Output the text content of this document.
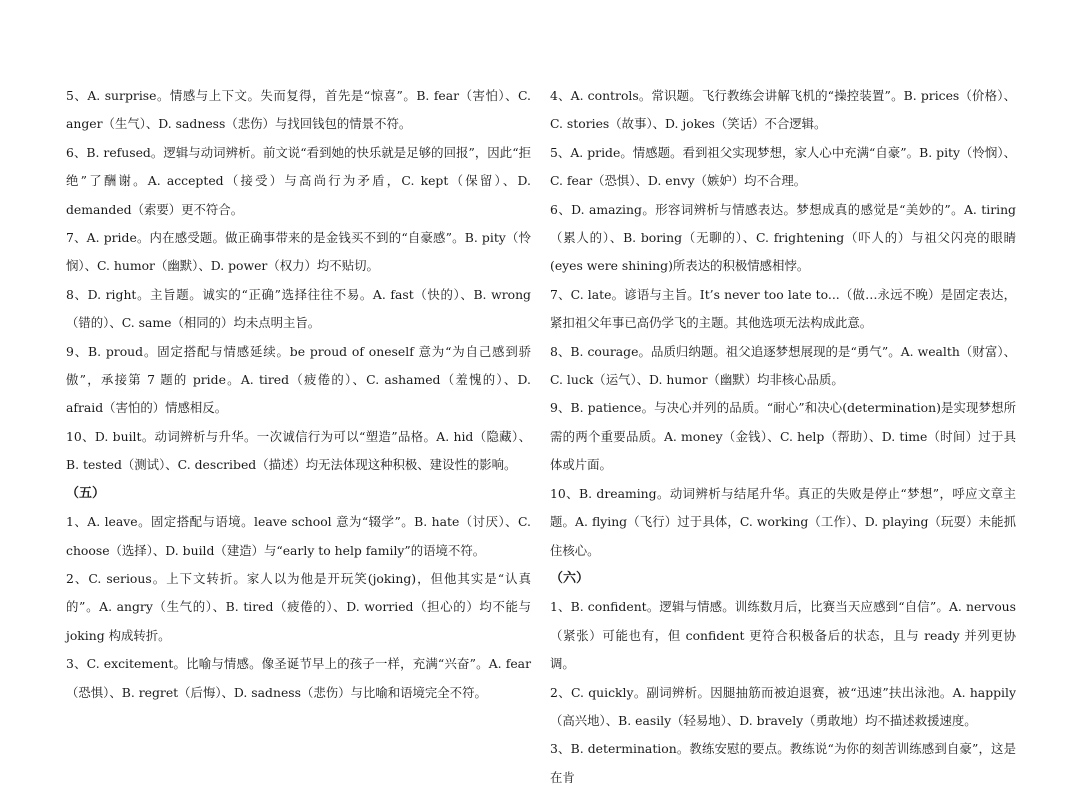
5、A. surprise。情感与上下文。失而复得，首先是“惊喜”。B. fear（害怕）、C. anger（生气）、D. sadness（悲伤）与找回钱包的情景不符。

6、B. refused。逻辑与动词辨析。前文说“看到她的快乐就是足够的回报”，因此“拒绝”了酬谢。A. accepted（接受）与高尚行为矛盾，C. kept（保留）、D. demanded（索要）更不符合。

7、A. pride。内在感受题。做正确事带来的是金钱买不到的“自豪感”。B. pity（怜悯）、C. humor（幽默）、D. power（权力）均不贴切。

8、D. right。主旨题。诚实的“正确”选择往往不易。A. fast（快的）、B. wrong（错的）、C. same（相同的）均未点明主旨。

9、B. proud。固定搭配与情感延续。be proud of oneself 意为“为自己感到骄傲”，承接第 7 题的 pride。A. tired（疲倦的）、C. ashamed（羞愧的）、D. afraid（害怕的）情感相反。

10、D. built。动词辨析与升华。一次诚信行为可以“塑造”品格。A. hid（隐藏）、B. tested（测试）、C. described（描述）均无法体现这种积极、建设性的影响。

（五）

1、A. leave。固定搭配与语境。leave school 意为“辍学”。B. hate（讨厌）、C. choose（选择）、D. build（建造）与“early to help family”的语境不符。

2、C. serious。上下文转折。家人以为他是开玩笑(joking)，但他其实是“认真的”。A. angry（生气的）、B. tired（疲倦的）、D. worried（担心的）均不能与 joking 构成转折。

3、C. excitement。比喻与情感。像圣诞节早上的孩子一样，充满“兴奋”。A. fear（恐惧）、B. regret（后悔）、D. sadness（悲伤）与比喻和语境完全不符。

4、A. controls。常识题。飞行教练会讲解飞机的“操控装置”。B. prices（价格）、C. stories（故事）、D. jokes（笑话）不合逻辑。

5、A. pride。情感题。看到祖父实现梦想，家人心中充满“自豪”。B. pity（怜悯）、C. fear（恐惧）、D. envy（嫉妒）均不合理。

6、D. amazing。形容词辨析与情感表达。梦想成真的感觉是“美妙的”。A. tiring（累人的）、B. boring（无聊的）、C. frightening（吓人的）与祖父闪亮的眼睛(eyes were shining)所表达的积极情感相悖。

7、C. late。谚语与主旨。It’s never too late to...（做…永远不晚）是固定表达，紧扣祖父年事已高仍学飞的主题。其他选项无法构成此意。

8、B. courage。品质归纳题。祖父追逐梦想展现的是“勇气”。A. wealth（财富）、C. luck（运气）、D. humor（幽默）均非核心品质。

9、B. patience。与决心并列的品质。“耐心”和决心(determination)是实现梦想所需的两个重要品质。A. money（金钱）、C. help（帮助）、D. time（时间）过于具体或片面。

10、B. dreaming。动词辨析与结尾升华。真正的失败是停止“梦想”，呼应文章主题。A. flying（飞行）过于具体，C. working（工作）、D. playing（玩耍）未能抓住核心。

（六）

1、B. confident。逻辑与情感。训练数月后，比赛当天应感到“自信”。A. nervous（紧张）可能也有，但 confident 更符合积极备后的状态，且与 ready 并列更协调。

2、C. quickly。副词辨析。因腿抽筋而被迫退赛，被“迅速”扶出泳池。A. happily（高兴地）、B. easily（轻易地）、D. bravely（勇敢地）均不描述救援速度。

3、B. determination。教练安慰的要点。教练说“为你的刻苦训练感到自豪”，这是在肯
